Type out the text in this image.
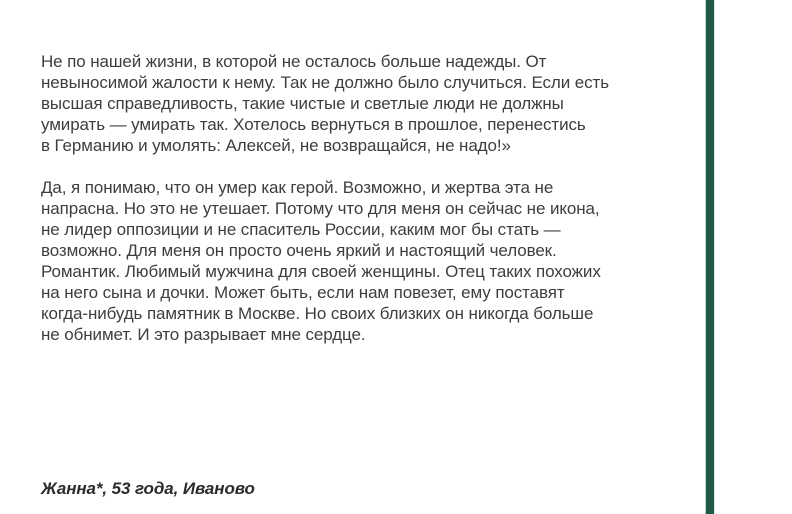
Не по нашей жизни, в которой не осталось больше надежды. От
невыносимой жалости к нему. Так не должно было случиться. Если есть
высшая справедливость, такие чистые и светлые люди не должны
умирать — умирать так. Хотелось вернуться в прошлое, перенестись
в Германию и умолять: Алексей, не возвращайся, не надо!»
Да, я понимаю, что он умер как герой. Возможно, и жертва эта не
напрасна. Но это не утешает. Потому что для меня он сейчас не икона,
не лидер оппозиции и не спаситель России, каким мог бы стать —
возможно. Для меня он просто очень яркий и настоящий человек.
Романтик. Любимый мужчина для своей женщины. Отец таких похожих
на него сына и дочки. Может быть, если нам повезет, ему поставят
когда-нибудь памятник в Москве. Но своих близких он никогда больше
не обнимет. И это разрывает мне сердце.
Жанна*, 53 года, Иваново
